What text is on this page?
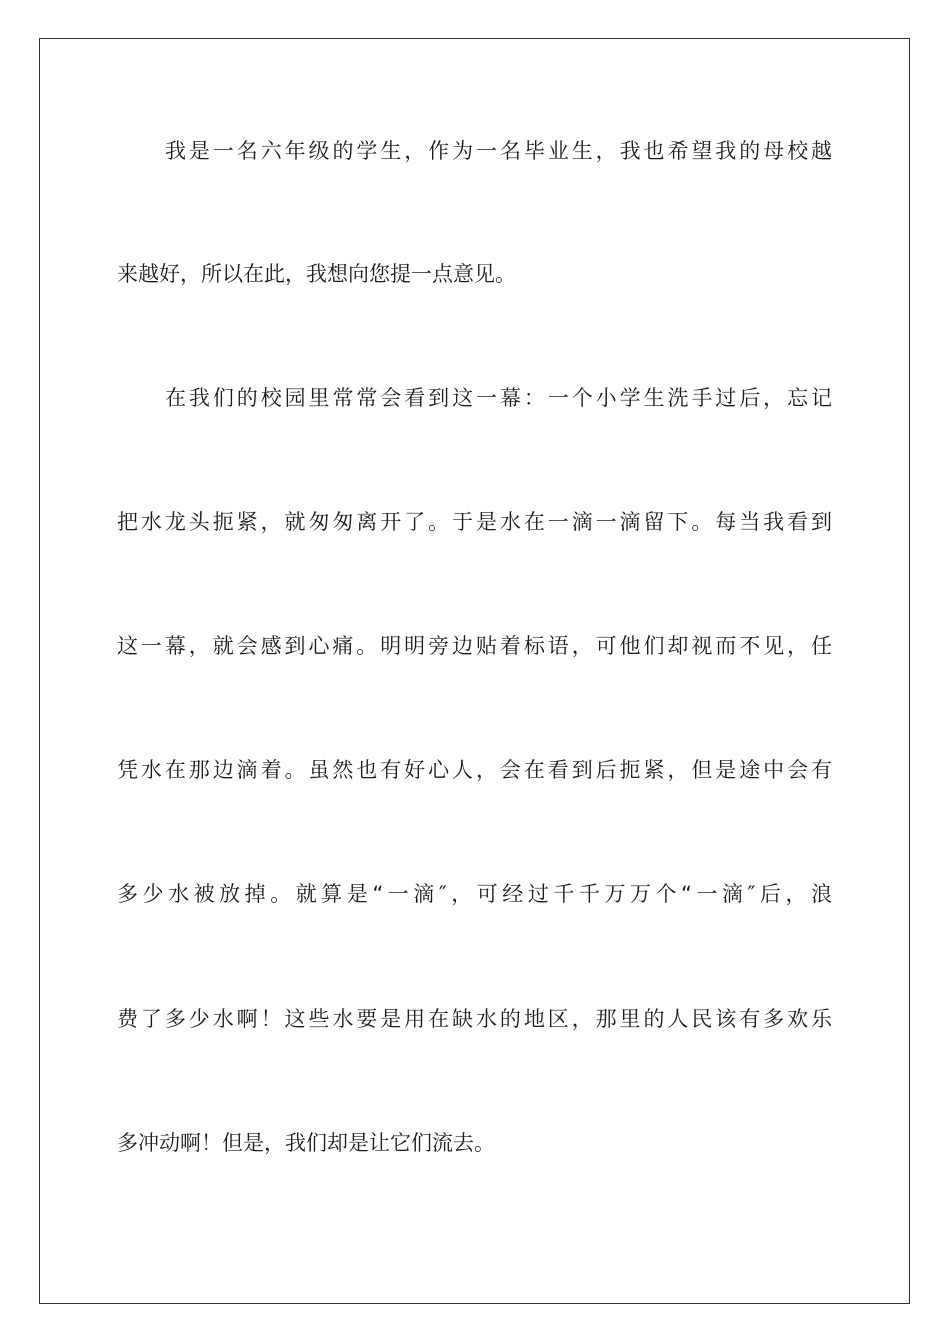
我是一名六年级的学生，作为一名毕业生，我也希望我的母校越
来越好，所以在此，我想向您提一点意见。
在我们的校园里常常会看到这一幕：一个小学生洗手过后，忘记
把水龙头扼紧，就匆匆离开了。于是水在一滴一滴留下。每当我看到
这一幕，就会感到心痛。明明旁边贴着标语，可他们却视而不见，任
凭水在那边滴着。虽然也有好心人，会在看到后扼紧，但是途中会有
多少水被放掉。就算是“一滴″，可经过千千万万个“一滴″后，浪
费了多少水啊！这些水要是用在缺水的地区，那里的人民该有多欢乐
多冲动啊！但是，我们却是让它们流去。
